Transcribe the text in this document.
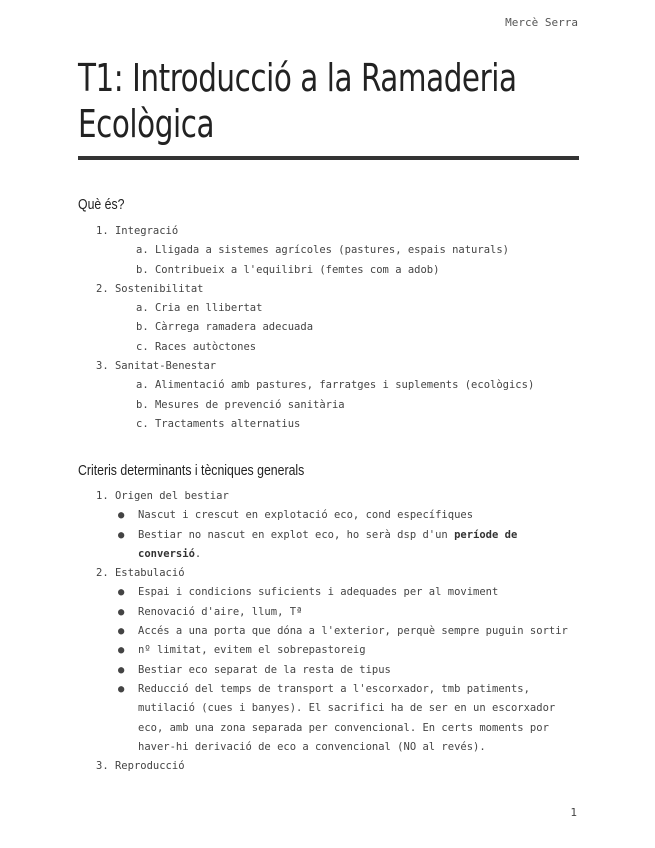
Mercè Serra

T1: Introducció a la Ramaderia Ecològica
Què és?
1. Integració
a. Lligada a sistemes agrícoles (pastures, espais naturals)
b. Contribueix a l'equilibri (femtes com a adob)
2. Sostenibilitat
a. Cria en llibertat
b. Càrrega ramadera adecuada
c. Races autòctones
3. Sanitat-Benestar
a. Alimentació amb pastures, farratges i suplements (ecològics)
b. Mesures de prevenció sanitària
c. Tractaments alternatius
Criteris determinants i tècniques generals
1. Origen del bestiar
● Nascut i crescut en explotació eco, cond específiques
● Bestiar no nascut en explot eco, ho serà dsp d'un període de
conversió.
2. Estabulació
● Espai i condicions suficients i adequades per al moviment
● Renovació d'aire, llum, Tª
● Accés a una porta que dóna a l'exterior, perquè sempre puguin sortir
● nº limitat, evitem el sobrepastoreig
● Bestiar eco separat de la resta de tipus
● Reducció del temps de transport a l'escorxador, tmb patiments,
mutilació (cues i banyes). El sacrifici ha de ser en un escorxador
eco, amb una zona separada per convencional. En certs moments por
haver-hi derivació de eco a convencional (NO al revés).
3. Reproducció
1
